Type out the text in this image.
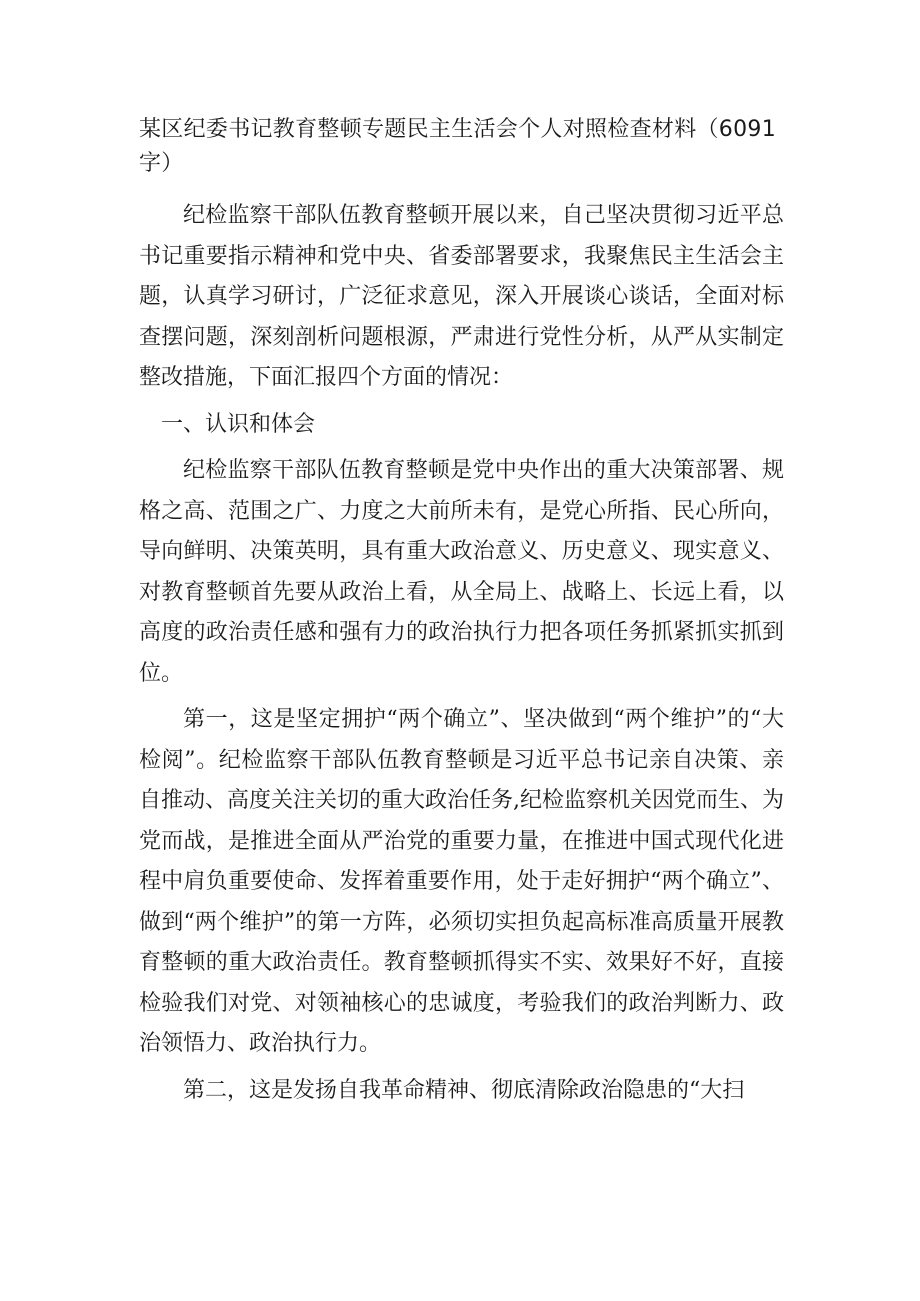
某区纪委书记教育整顿专题民主生活会个人对照检查材料（6091字）

纪检监察干部队伍教育整顿开展以来，自己坚决贯彻习近平总书记重要指示精神和党中央、省委部署要求，我聚焦民主生活会主题，认真学习研讨，广泛征求意见，深入开展谈心谈话，全面对标查摆问题，深刻剖析问题根源，严肃进行党性分析，从严从实制定整改措施，下面汇报四个方面的情况：

一、认识和体会

纪检监察干部队伍教育整顿是党中央作出的重大决策部署、规格之高、范围之广、力度之大前所未有，是党心所指、民心所向，导向鲜明、决策英明，具有重大政治意义、历史意义、现实意义、对教育整顿首先要从政治上看，从全局上、战略上、长远上看，以高度的政治责任感和强有力的政治执行力把各项任务抓紧抓实抓到位。

第一，这是坚定拥护“两个确立”、坚决做到“两个维护”的“大检阅”。纪检监察干部队伍教育整顿是习近平总书记亲自决策、亲自推动、高度关注关切的重大政治任务,纪检监察机关因党而生、为党而战，是推进全面从严治党的重要力量，在推进中国式现代化进程中肩负重要使命、发挥着重要作用，处于走好拥护“两个确立”、做到“两个维护”的第一方阵，必须切实担负起高标准高质量开展教育整顿的重大政治责任。教育整顿抓得实不实、效果好不好，直接检验我们对党、对领袖核心的忠诚度，考验我们的政治判断力、政治领悟力、政治执行力。

第二，这是发扬自我革命精神、彻底清除政治隐患的“大扫
